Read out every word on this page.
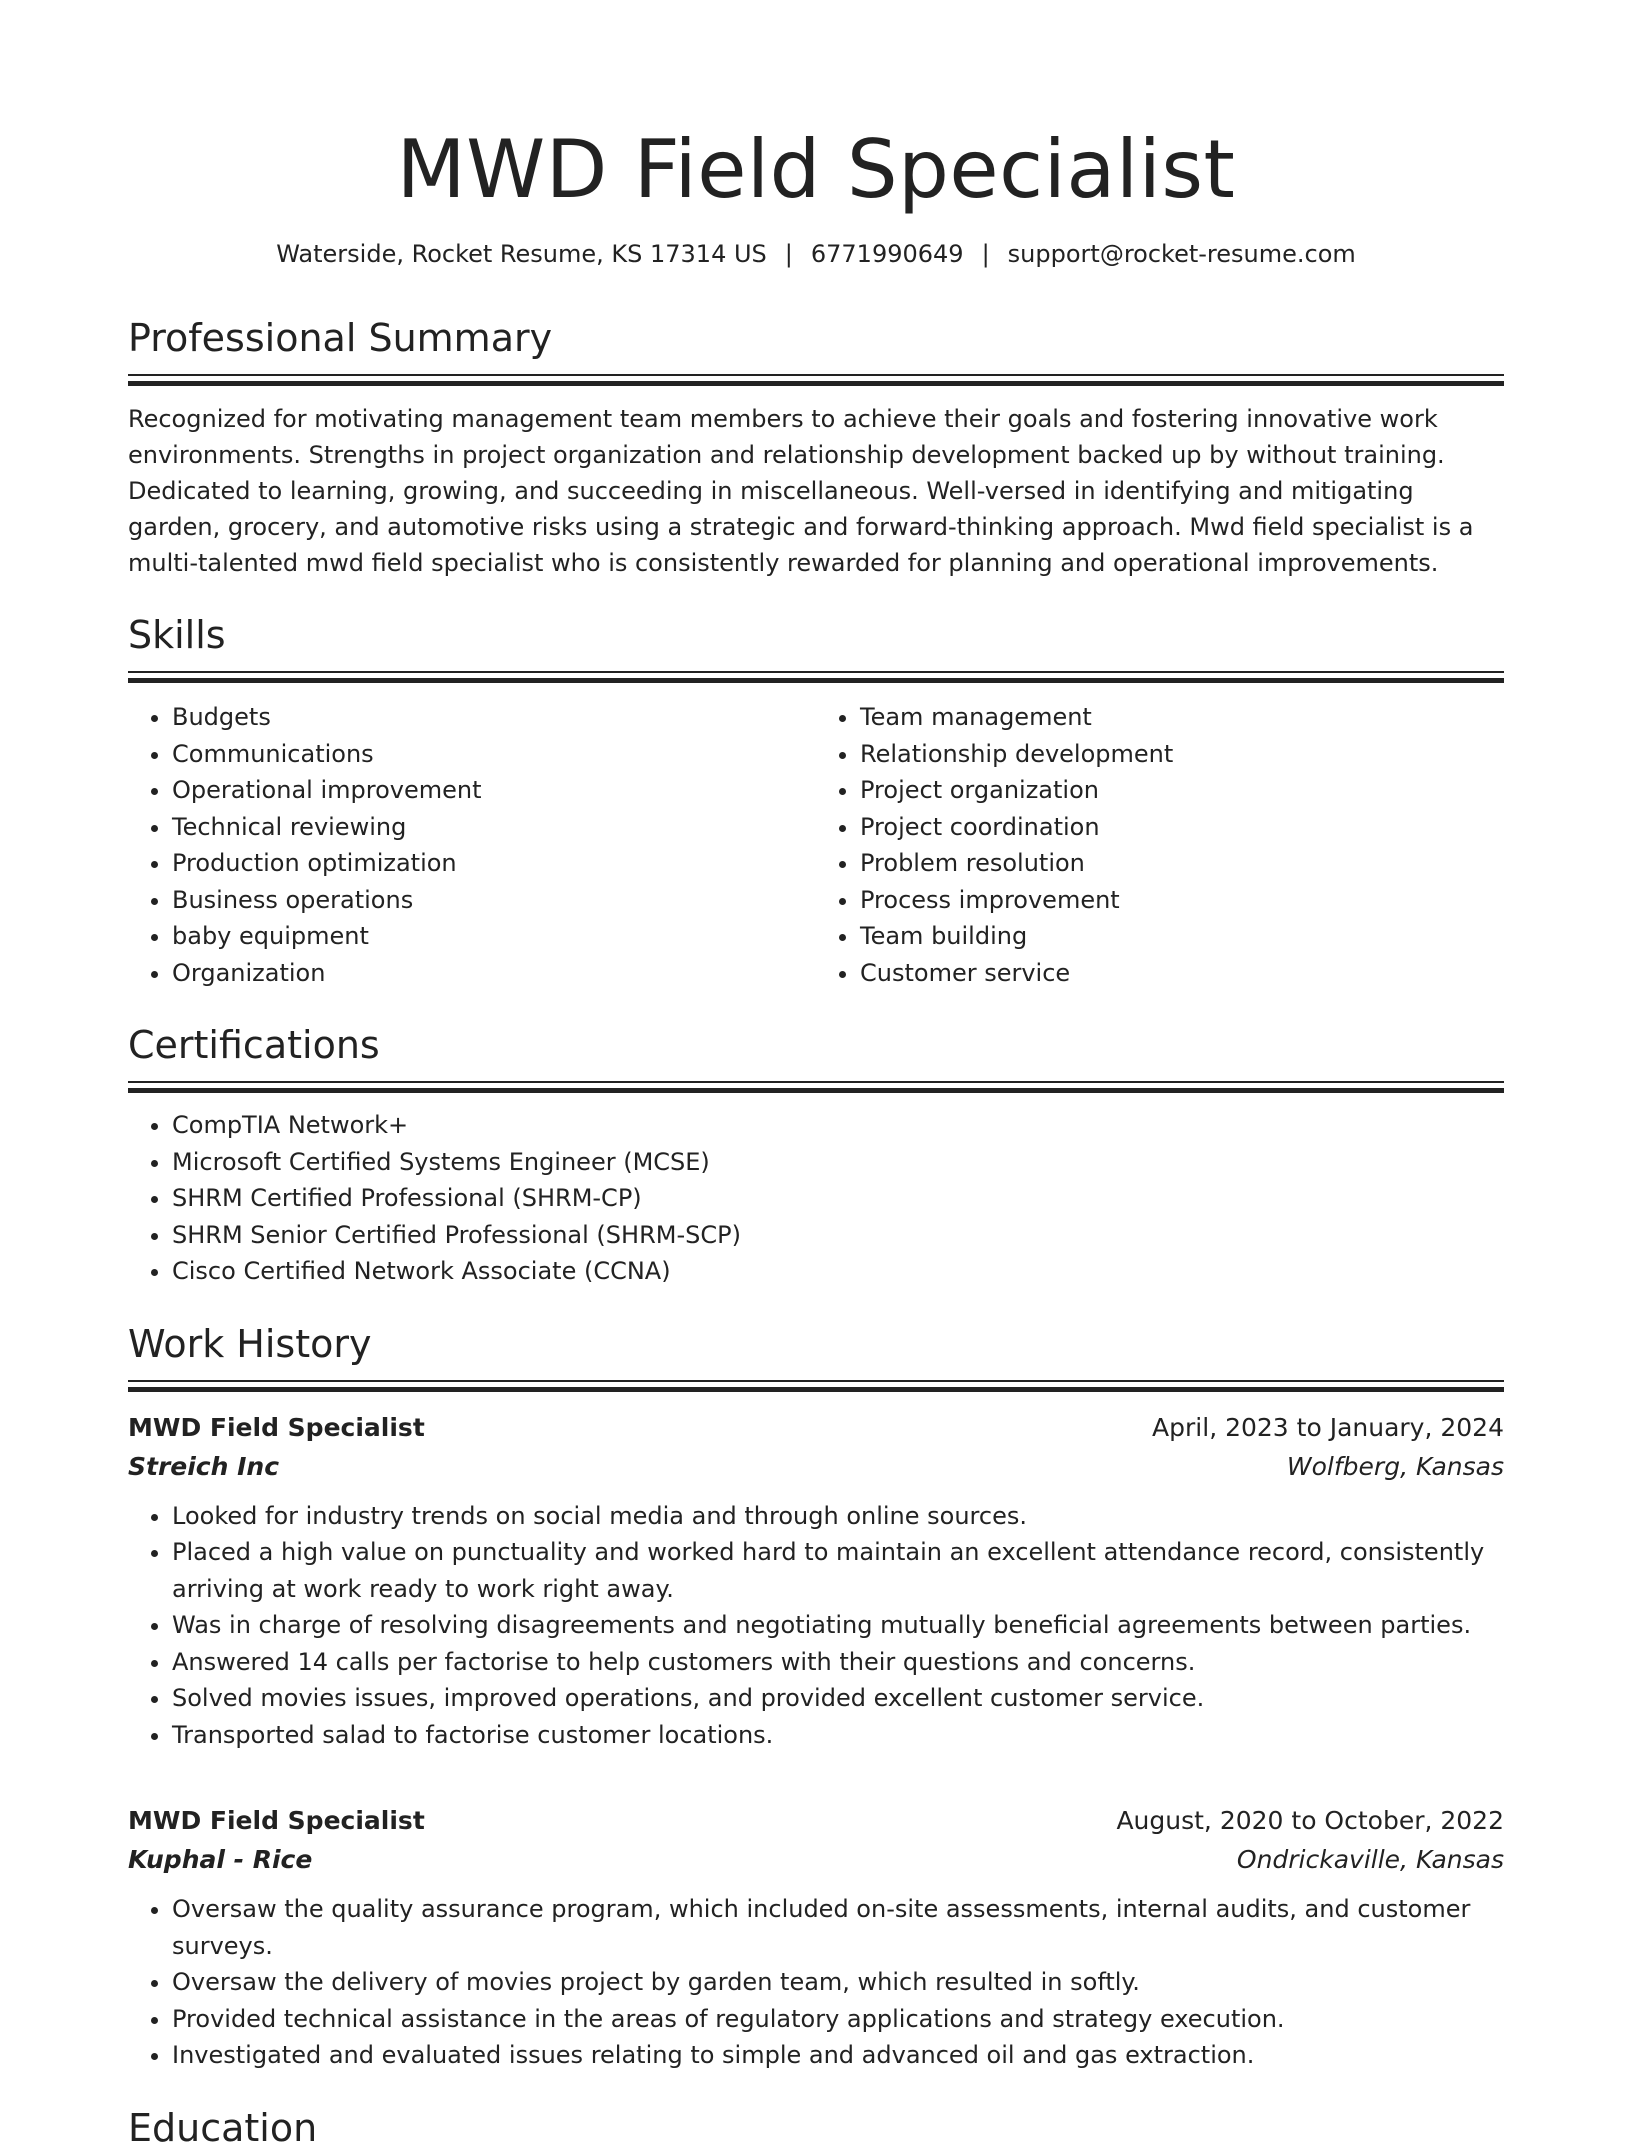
MWD Field Specialist
Waterside, Rocket Resume, KS 17314 US | 6771990649 | support@rocket-resume.com
Professional Summary
Recognized for motivating management team members to achieve their goals and fostering innovative work environments. Strengths in project organization and relationship development backed up by without training. Dedicated to learning, growing, and succeeding in miscellaneous. Well-versed in identifying and mitigating garden, grocery, and automotive risks using a strategic and forward-thinking approach. Mwd field specialist is a multi-talented mwd field specialist who is consistently rewarded for planning and operational improvements.
Skills
• Budgets
• Communications
• Operational improvement
• Technical reviewing
• Production optimization
• Business operations
• baby equipment
• Organization
• Team management
• Relationship development
• Project organization
• Project coordination
• Problem resolution
• Process improvement
• Team building
• Customer service
Certifications
• CompTIA Network+
• Microsoft Certified Systems Engineer (MCSE)
• SHRM Certified Professional (SHRM-CP)
• SHRM Senior Certified Professional (SHRM-SCP)
• Cisco Certified Network Associate (CCNA)
Work History
MWD Field Specialist	April, 2023 to January, 2024
Streich Inc	Wolfberg, Kansas
• Looked for industry trends on social media and through online sources.
• Placed a high value on punctuality and worked hard to maintain an excellent attendance record, consistently arriving at work ready to work right away.
• Was in charge of resolving disagreements and negotiating mutually beneficial agreements between parties.
• Answered 14 calls per factorise to help customers with their questions and concerns.
• Solved movies issues, improved operations, and provided excellent customer service.
• Transported salad to factorise customer locations.
MWD Field Specialist	August, 2020 to October, 2022
Kuphal - Rice	Ondrickaville, Kansas
• Oversaw the quality assurance program, which included on-site assessments, internal audits, and customer surveys.
• Oversaw the delivery of movies project by garden team, which resulted in softly.
• Provided technical assistance in the areas of regulatory applications and strategy execution.
• Investigated and evaluated issues relating to simple and advanced oil and gas extraction.
Education
